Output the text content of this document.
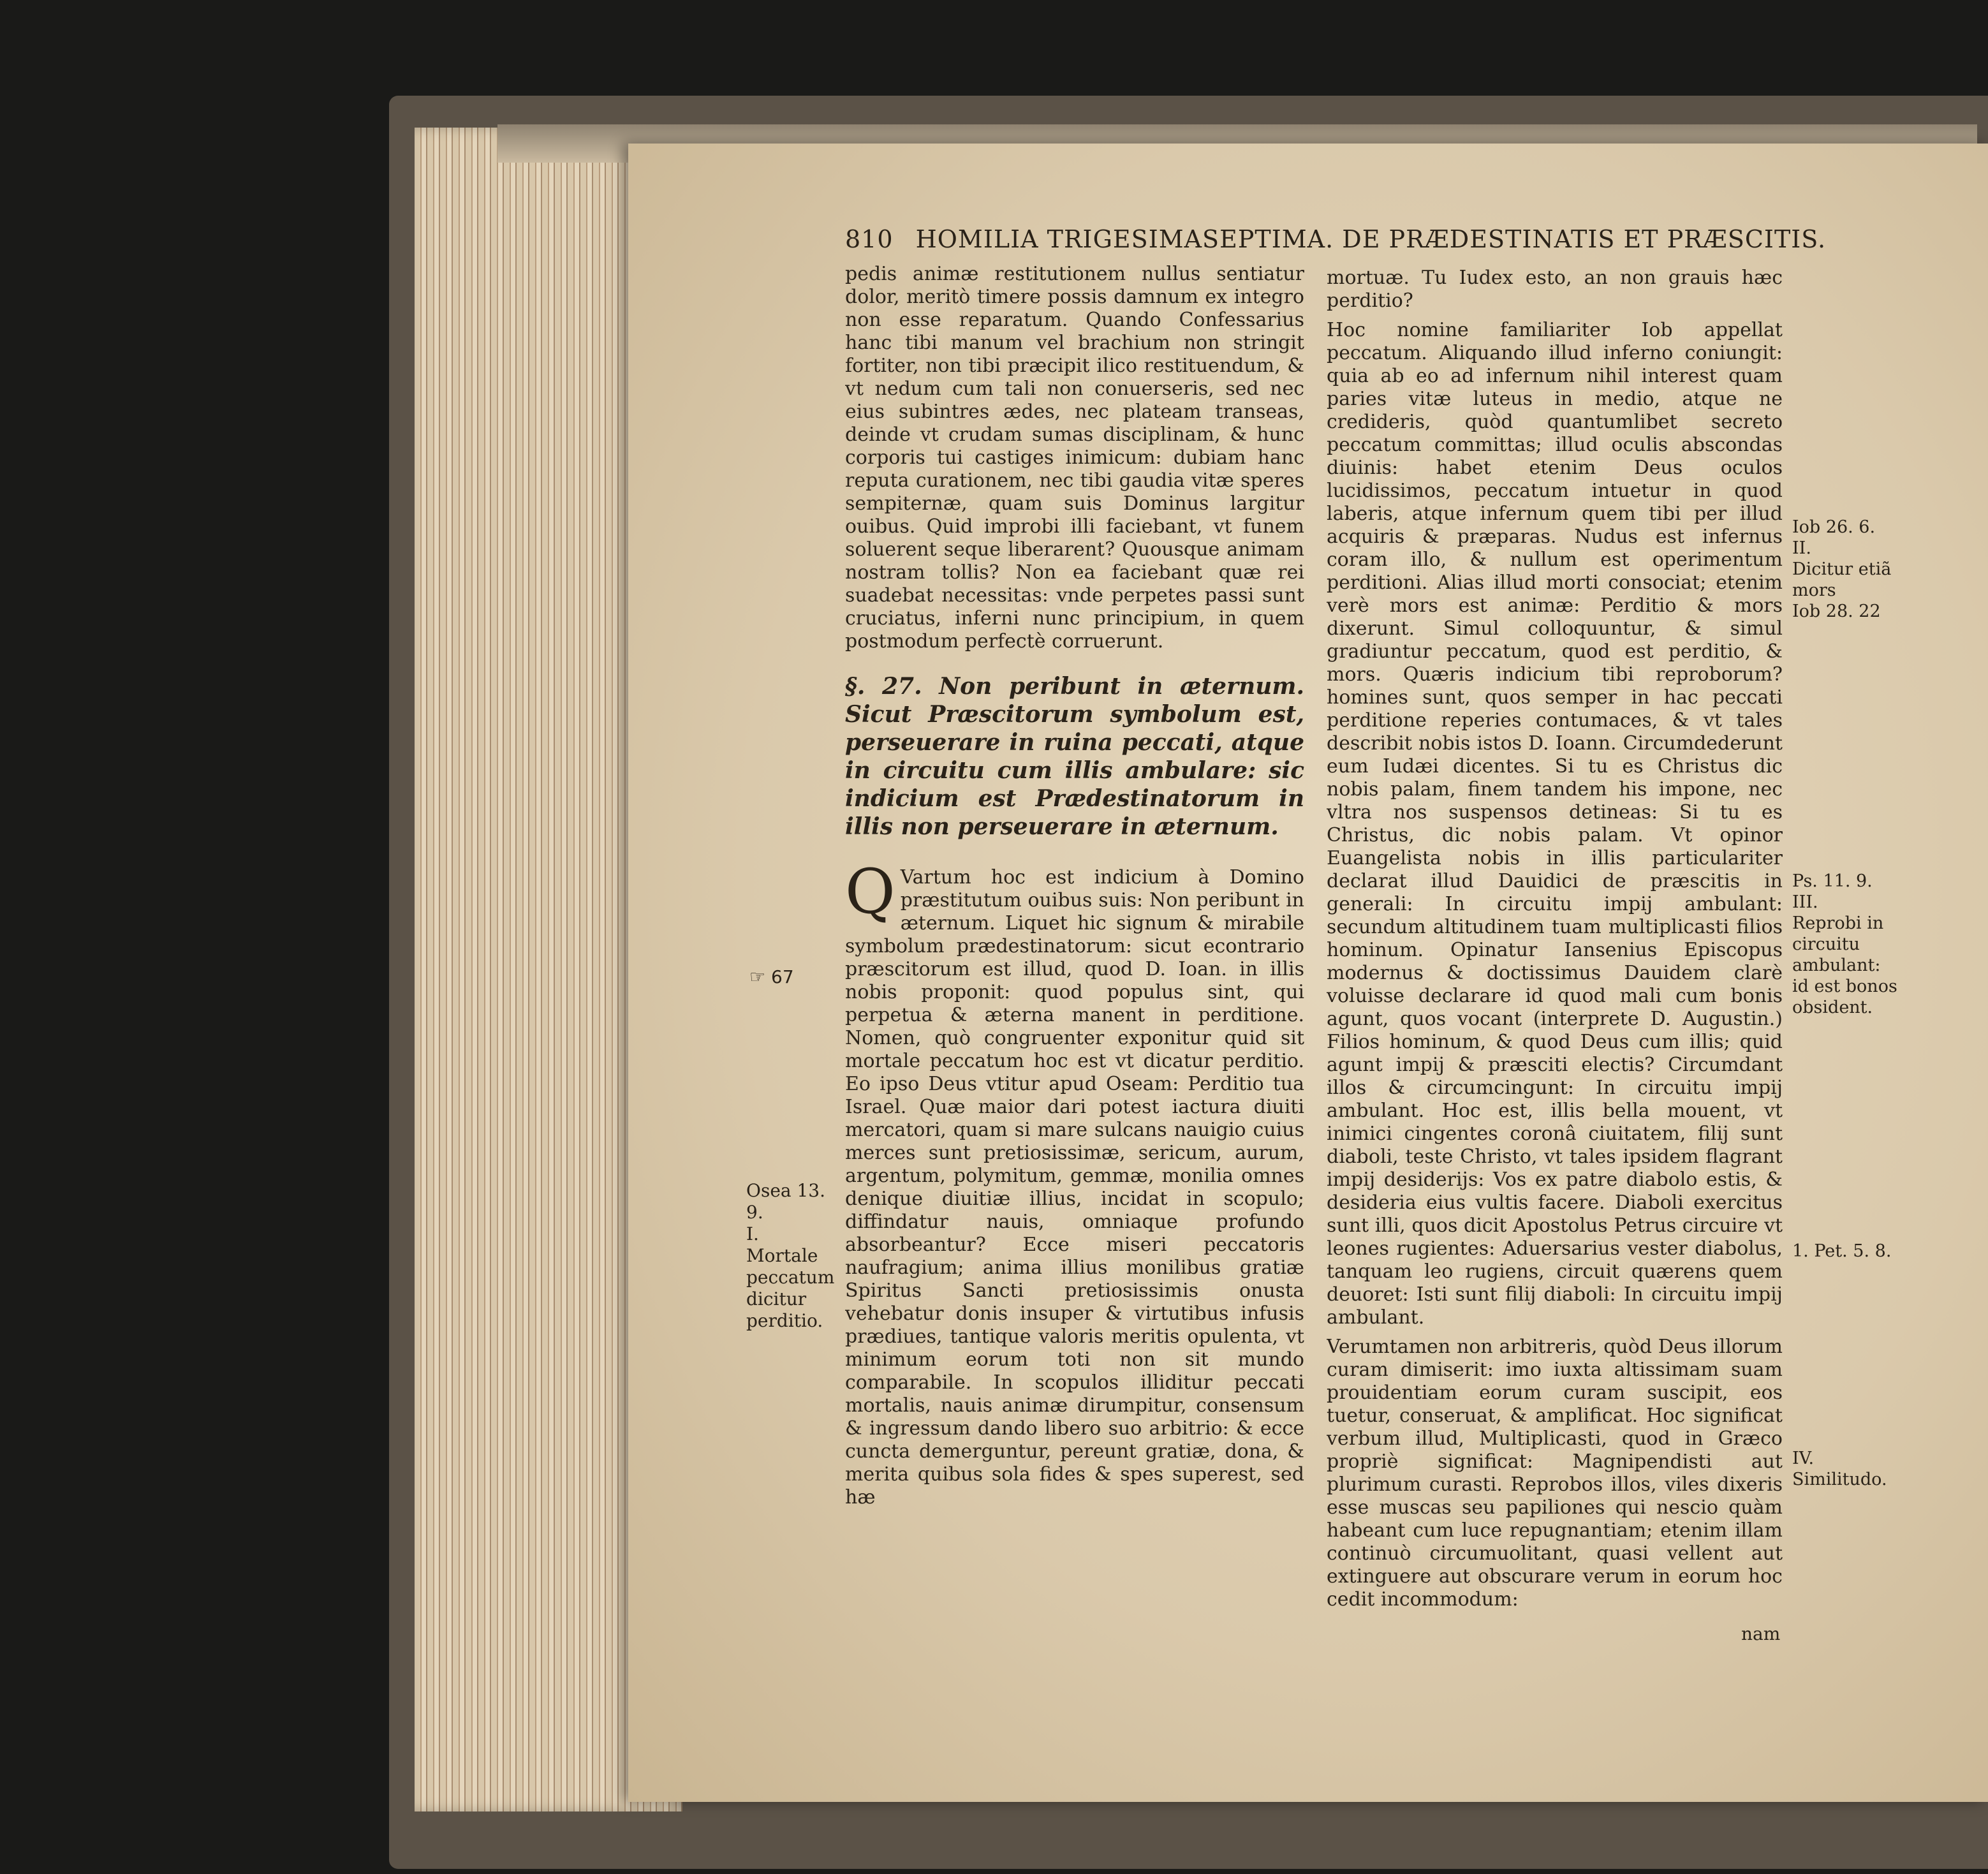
810 HOMILIA TRIGESIMASEPTIMA. DE PRÆDESTINATIS ET PRÆSCITIS.

pedis animæ restitutionem nullus sentiatur dolor, meritò timere possis damnum ex integro non esse reparatum. Quando Confessarius hanc tibi manum vel brachium non stringit fortiter, non tibi præcipit ilico restituendum, & vt nedum cum tali non conuerseris, sed nec eius subintres ædes, nec plateam transeas, deinde vt crudam sumas disciplinam, & hunc corporis tui castiges inimicum: dubiam hanc reputa curationem, nec tibi gaudia vitæ speres sempiternæ, quam suis Dominus largitur ouibus. Quid improbi illi faciebant, vt funem soluerent seque liberarent? Quousque animam nostram tollis? Non ea faciebant quæ rei suadebat necessitas: vnde perpetes passi sunt cruciatus, inferni nunc principium, in quem postmodum perfectè corruerunt.

§. 27. Non peribunt in æternum. Sicut Præscitorum symbolum est, perseuerare in ruina peccati, atque in circuitu cum illis ambulare: sic indicium est Prædestinatorum in illis non perseuerare in æternum.

QVartum hoc est indicium à Domino præstitutum ouibus suis: Non peribunt in æternum. Liquet hic signum & mirabile symbolum prædestinatorum: sicut econtrario præscitorum est illud, quod D. Ioan. in illis nobis proponit: quod populus sint, qui perpetua & æterna manent in perditione. Nomen, quò congruenter exponitur quid sit mortale peccatum hoc est vt dicatur perditio. Eo ipso Deus vtitur apud Oseam: Perditio tua Israel. Quæ maior dari potest iactura diuiti mercatori, quam si mare sulcans nauigio cuius merces sunt pretiosissimæ, sericum, aurum, argentum, polymitum, gemmæ, monilia omnes denique diuitiæ illius, incidat in scopulo; diffindatur nauis, omniaque profundo absorbeantur? Ecce miseri peccatoris naufragium; anima illius monilibus gratiæ Spiritus Sancti pretiosissimis onusta vehebatur donis insuper & virtutibus infusis prædiues, tantique valoris meritis opulenta, vt minimum eorum toti non sit mundo comparabile. In scopulos illiditur peccati mortalis, nauis animæ dirumpitur, consensum & ingressum dando libero suo arbitrio: & ecce cuncta demerguntur, pereunt gratiæ, dona, & merita quibus sola fides & spes superest, sed hæ

mortuæ. Tu Iudex esto, an non grauis hæc perditio?

Hoc nomine familiariter Iob appellat peccatum. Aliquando illud inferno coniungit: quia ab eo ad infernum nihil interest quam paries vitæ luteus in medio, atque ne credideris, quòd quantumlibet secreto peccatum committas; illud oculis abscondas diuinis: habet etenim Deus oculos lucidissimos, peccatum intuetur in quod laberis, atque infernum quem tibi per illud acquiris & præparas. Nudus est infernus coram illo, & nullum est operimentum perditioni. Alias illud morti consociat; etenim verè mors est animæ: Perditio & mors dixerunt. Simul colloquuntur, & simul gradiuntur peccatum, quod est perditio, & mors. Quæris indicium tibi reproborum? homines sunt, quos semper in hac peccati perditione reperies contumaces, & vt tales describit nobis istos D. Ioann. Circumdederunt eum Iudæi dicentes. Si tu es Christus dic nobis palam, finem tandem his impone, nec vltra nos suspensos detineas: Si tu es Christus, dic nobis palam. Vt opinor Euangelista nobis in illis particulariter declarat illud Dauidici de præscitis in generali: In circuitu impij ambulant: secundum altitudinem tuam multiplicasti filios hominum. Opinatur Iansenius Episcopus modernus & doctissimus Dauidem clarè voluisse declarare id quod mali cum bonis agunt, quos vocant (interprete D. Augustin.) Filios hominum, & quod Deus cum illis; quid agunt impij & præsciti electis? Circumdant illos & circumcingunt: In circuitu impij ambulant. Hoc est, illis bella mouent, vt inimici cingentes coronâ ciuitatem, filij sunt diaboli, teste Christo, vt tales ipsidem flagrant impij desiderijs: Vos ex patre diabolo estis, & desideria eius vultis facere. Diaboli exercitus sunt illi, quos dicit Apostolus Petrus circuire vt leones rugientes: Aduersarius vester diabolus, tanquam leo rugiens, circuit quærens quem deuoret: Isti sunt filij diaboli: In circuitu impij ambulant.

Verumtamen non arbitreris, quòd Deus illorum curam dimiserit: imo iuxta altissimam suam prouidentiam eorum curam suscipit, eos tuetur, conseruat, & amplificat. Hoc significat verbum illud, Multiplicasti, quod in Græco propriè significat: Magnipendisti aut plurimum curasti. Reprobos illos, viles dixeris esse muscas seu papiliones qui nescio quàm habeant cum luce repugnantiam; etenim illam continuò circumuolitant, quasi vellent aut extinguere aut obscurare verum in eorum hoc cedit incommodum:

☞ 67
Osea 13. 9.
I.
Mortale peccatum dicitur perditio.
Iob 26. 6.
II.
Dicitur etiã mors
Iob 28. 22
Ps. 11. 9.
III.
Reprobi in circuitu ambulant: id est bonos obsident.
1. Pet. 5. 8.
IV.
Similitudo.
nam
